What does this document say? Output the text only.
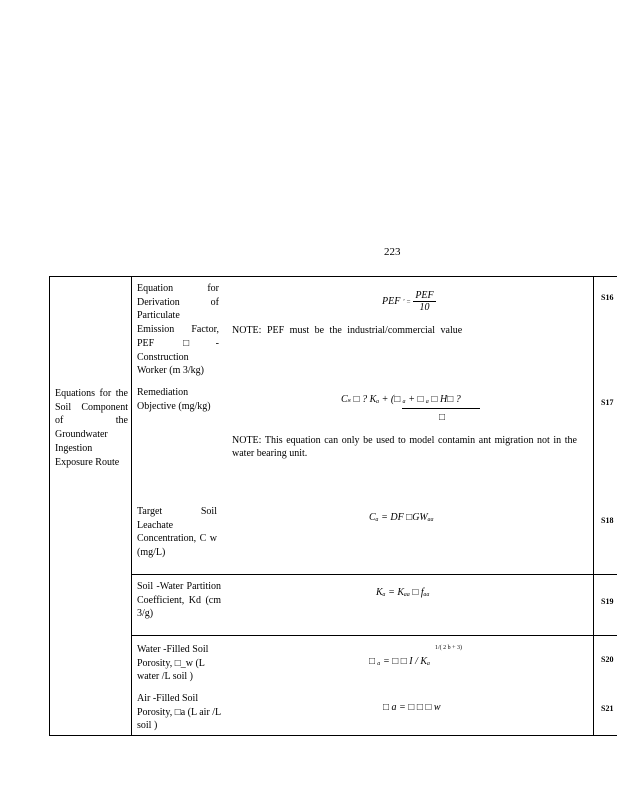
223
Equations for the Soil Component of the Groundwater Ingestion Exposure Route
Equation for Derivation of Particulate Emission Factor, PEF □- Construction Worker (m 3/kg)
PEF ' = $\frac{\text{PEF}}{10}$
NOTE: PEF must be the industrial/commercial value
S16
Remediation Objective (mg/kg)
Cₛ □ ? Kₐ + (□ ₐ + □ ₐ □ H□ ?
□
NOTE: This equation can only be used to model contamin ant migration not in the water bearing unit.
S17
Target Soil Leachate Concentration, C w (mg/L)
Cₐ = DF □GWₐₐ	S18
Soil -Water Partition Coefficient, Kd (cm 3/g)
Kₐ = Kₐₐ □ fₐₐ
S19
Water -Filled Soil Porosity, □_w (L water /L soil )
□ ₐ = □ □ I / Kₐ
1/( 2 b + 3)
S20
Air -Filled Soil Porosity, □a (L air /L soil )
□ a = □ □ □ w	S21
